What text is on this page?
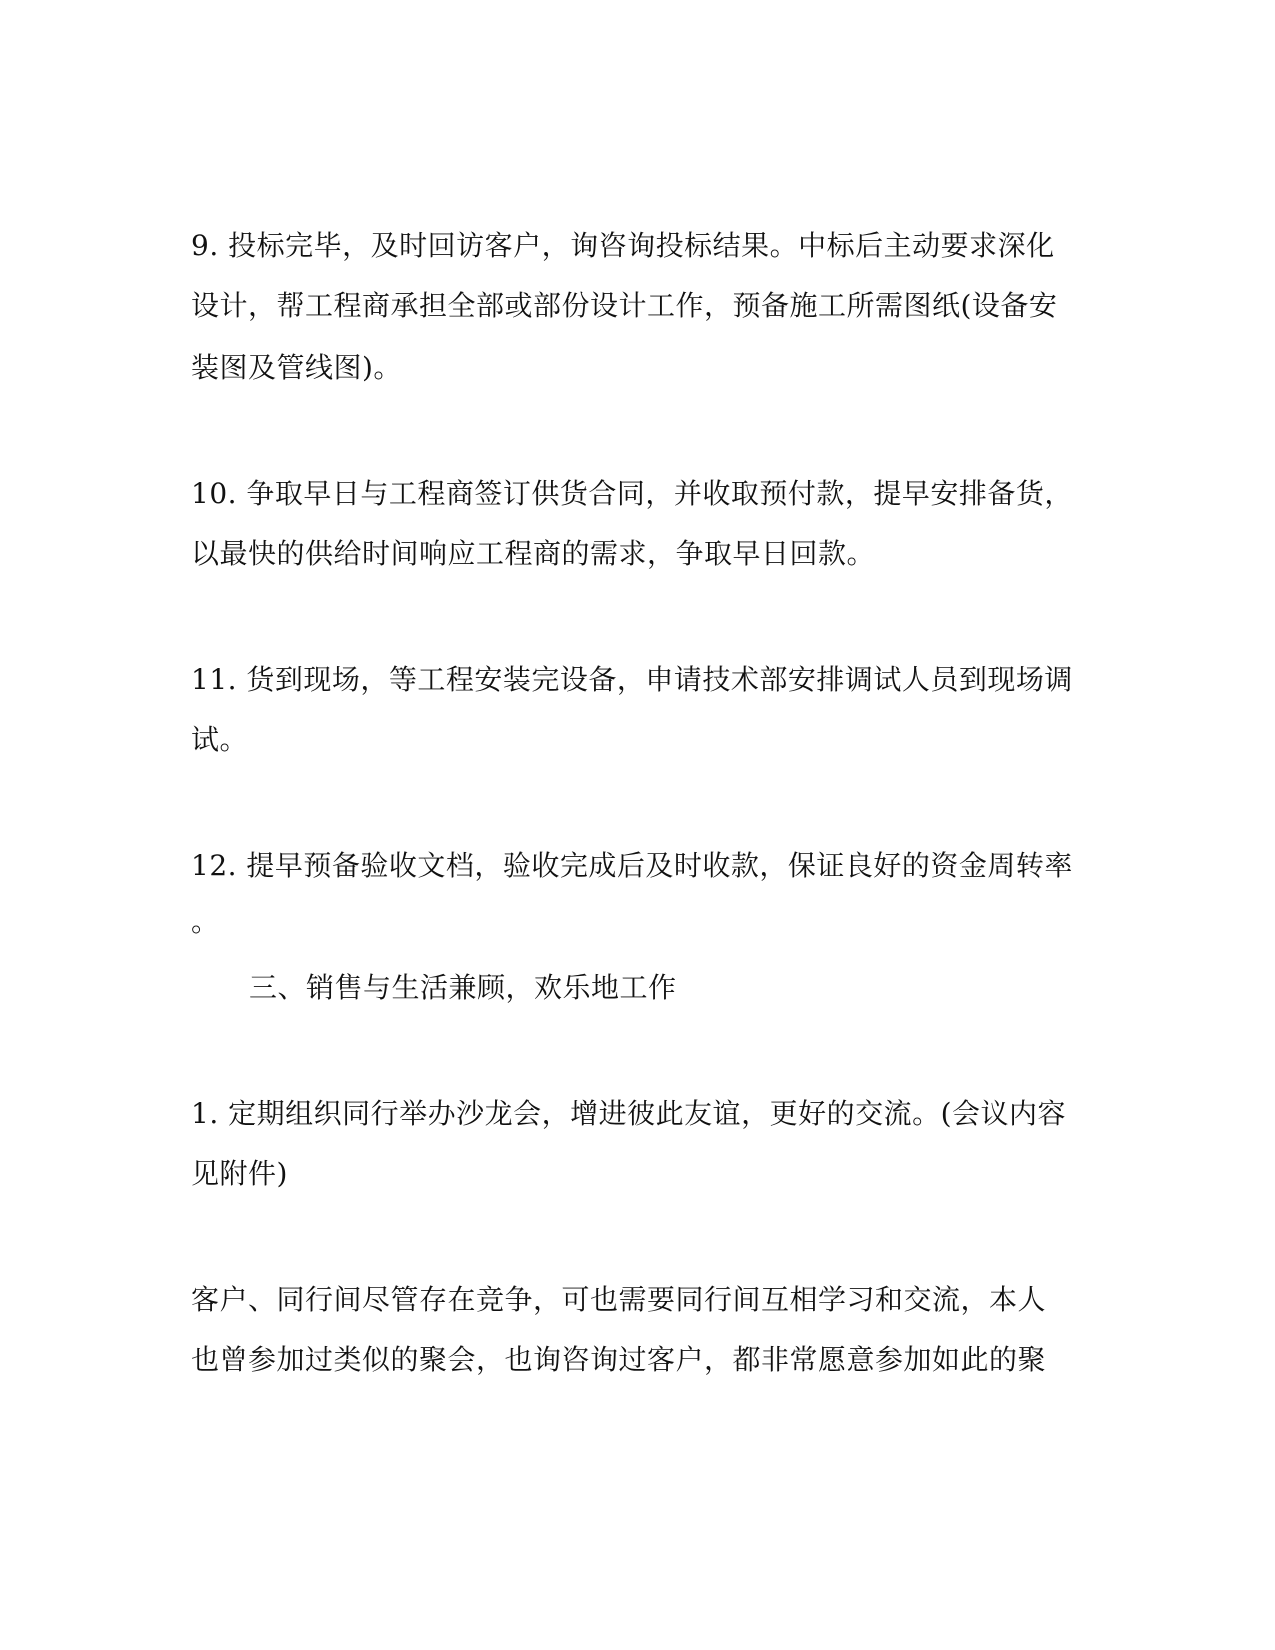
9. 投标完毕，及时回访客户，询咨询投标结果。中标后主动要求深化
设计，帮工程商承担全部或部份设计工作，预备施工所需图纸(设备安
装图及管线图)。
10. 争取早日与工程商签订供货合同，并收取预付款，提早安排备货，
以最快的供给时间响应工程商的需求，争取早日回款。
11. 货到现场，等工程安装完设备，申请技术部安排调试人员到现场调
试。
12. 提早预备验收文档，验收完成后及时收款，保证良好的资金周转率
。
三、销售与生活兼顾，欢乐地工作
1. 定期组织同行举办沙龙会，增进彼此友谊，更好的交流。(会议内容
见附件)
客户、同行间尽管存在竞争，可也需要同行间互相学习和交流，本人
也曾参加过类似的聚会，也询咨询过客户，都非常愿意参加如此的聚
